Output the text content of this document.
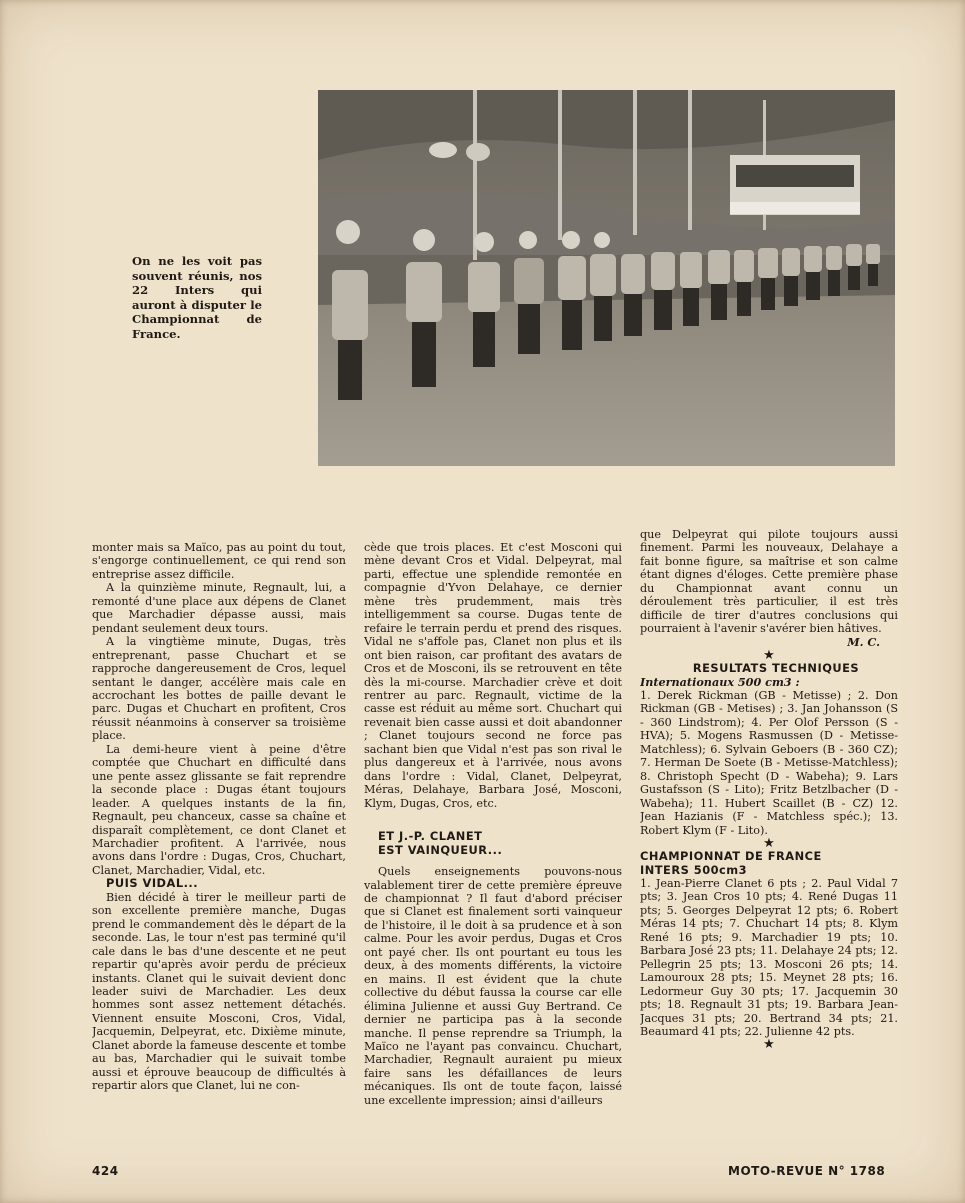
On ne les voit pas souvent réunis, nos 22 Inters qui auront à disputer le Championnat de France.

monter mais sa Maïco, pas au point du tout, s'engorge continuellement, ce qui rend son entreprise assez difficile.

A la quinzième minute, Regnault, lui, a remonté d'une place aux dépens de Clanet que Marchadier dépasse aussi, mais pendant seulement deux tours.

A la vingtième minute, Dugas, très entreprenant, passe Chuchart et se rapproche dangereusement de Cros, lequel sentant le danger, accélère mais cale en accrochant les bottes de paille devant le parc. Dugas et Chuchart en profitent, Cros réussit néanmoins à conserver sa troisième place.

La demi-heure vient à peine d'être comptée que Chuchart en difficulté dans une pente assez glissante se fait reprendre la seconde place : Dugas étant toujours leader. A quelques instants de la fin, Regnault, peu chanceux, casse sa chaîne et disparaît complètement, ce dont Clanet et Marchadier profitent. A l'arrivée, nous avons dans l'ordre : Dugas, Cros, Chuchart, Clanet, Marchadier, Vidal, etc.

PUIS VIDAL...

Bien décidé à tirer le meilleur parti de son excellente première manche, Dugas prend le commandement dès le départ de la seconde. Las, le tour n'est pas terminé qu'il cale dans le bas d'une descente et ne peut repartir qu'après avoir perdu de précieux instants. Clanet qui le suivait devient donc leader suivi de Marchadier. Les deux hommes sont assez nettement détachés. Viennent ensuite Mosconi, Cros, Vidal, Jacquemin, Delpeyrat, etc. Dixième minute, Clanet aborde la fameuse descente et tombe au bas, Marchadier qui le suivait tombe aussi et éprouve beaucoup de difficultés à repartir alors que Clanet, lui ne con-

cède que trois places. Et c'est Mosconi qui mène devant Cros et Vidal. Delpeyrat, mal parti, effectue une splendide remontée en compagnie d'Yvon Delahaye, ce dernier mène très prudemment, mais très intelligemment sa course. Dugas tente de refaire le terrain perdu et prend des risques. Vidal ne s'affole pas, Clanet non plus et ils ont bien raison, car profitant des avatars de Cros et de Mosconi, ils se retrouvent en tête dès la mi-course. Marchadier crève et doit rentrer au parc. Regnault, victime de la casse est réduit au même sort. Chuchart qui revenait bien casse aussi et doit abandonner ; Clanet toujours second ne force pas sachant bien que Vidal n'est pas son rival le plus dangereux et à l'arrivée, nous avons dans l'ordre : Vidal, Clanet, Delpeyrat, Méras, Delahaye, Barbara José, Mosconi, Klym, Dugas, Cros, etc.

ET J.-P. CLANET

EST VAINQUEUR...

Quels enseignements pouvons-nous valablement tirer de cette première épreuve de championnat ? Il faut d'abord préciser que si Clanet est finalement sorti vainqueur de l'histoire, il le doit à sa prudence et à son calme. Pour les avoir perdus, Dugas et Cros ont payé cher. Ils ont pourtant eu tous les deux, à des moments différents, la victoire en mains. Il est évident que la chute collective du début faussa la course car elle élimina Julienne et aussi Guy Bertrand. Ce dernier ne participa pas à la seconde manche. Il pense reprendre sa Triumph, la Maïco ne l'ayant pas convaincu. Chuchart, Marchadier, Regnault auraient pu mieux faire sans les défaillances de leurs mécaniques. Ils ont de toute façon, laissé une excellente impression; ainsi d'ailleurs

que Delpeyrat qui pilote toujours aussi finement. Parmi les nouveaux, Delahaye a fait bonne figure, sa maîtrise et son calme étant dignes d'éloges. Cette première phase du Championnat avant connu un déroulement très particulier, il est très difficile de tirer d'autres conclusions qui pourraient à l'avenir s'avérer bien hâtives.

M. C.

★

RESULTATS TECHNIQUES

Internationaux 500 cm3 :

1. Derek Rickman (GB - Metisse) ; 2. Don Rickman (GB - Metises) ; 3. Jan Johansson (S - 360 Lindstrom); 4. Per Olof Persson (S - HVA); 5. Mogens Rasmussen (D - Metisse-Matchless); 6. Sylvain Geboers (B - 360 CZ); 7. Herman De Soete (B - Metisse-Matchless); 8. Christoph Specht (D - Wabeha); 9. Lars Gustafsson (S - Lito); Fritz Betzlbacher (D - Wabeha); 11. Hubert Scaillet (B - CZ) 12. Jean Hazianis (F - Matchless spéc.); 13. Robert Klym (F - Lito).

★

CHAMPIONNAT DE FRANCE

INTERS 500cm3

1. Jean-Pierre Clanet 6 pts ; 2. Paul Vidal 7 pts; 3. Jean Cros 10 pts; 4. René Dugas 11 pts; 5. Georges Delpeyrat 12 pts; 6. Robert Méras 14 pts; 7. Chuchart 14 pts; 8. Klym René 16 pts; 9. Marchadier 19 pts; 10. Barbara José 23 pts; 11. Delahaye 24 pts; 12. Pellegrin 25 pts; 13. Mosconi 26 pts; 14. Lamouroux 28 pts; 15. Meynet 28 pts; 16. Ledormeur Guy 30 pts; 17. Jacquemin 30 pts; 18. Regnault 31 pts; 19. Barbara Jean-Jacques 31 pts; 20. Bertrand 34 pts; 21. Beaumard 41 pts; 22. Julienne 42 pts.

★

424	MOTO-REVUE N° 1788
